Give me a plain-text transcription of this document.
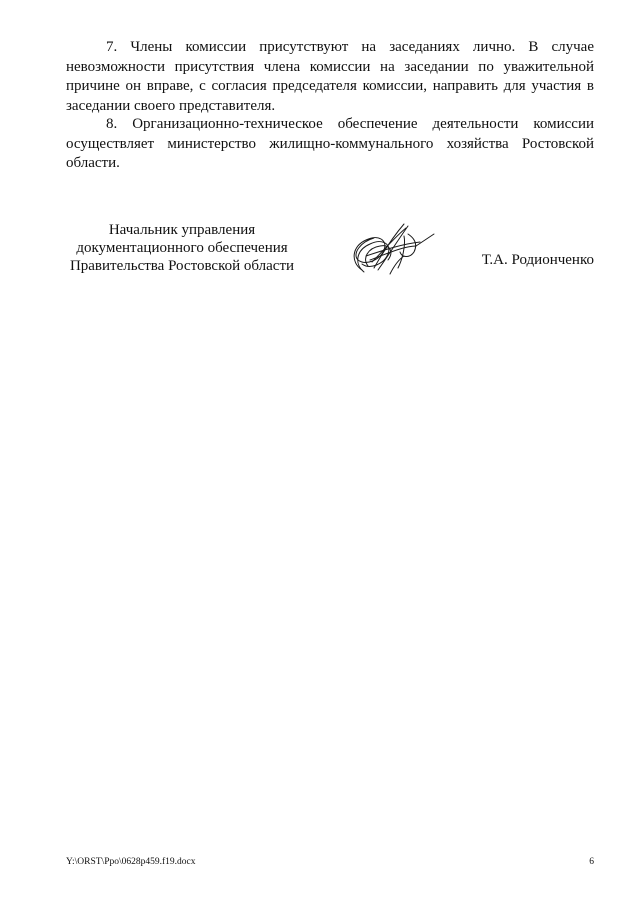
7. Члены комиссии присутствуют на заседаниях лично. В случае невозможности присутствия члена комиссии на заседании по уважительной причине он вправе, с согласия председателя комиссии, направить для участия в заседании своего представителя.

8. Организационно-техническое обеспечение деятельности комиссии осуществляет министерство жилищно-коммунального хозяйства Ростовской области.

Начальник управления
документационного обеспечения
Правительства Ростовской области	Т.А. Родионченко
Y:\ORST\Ppo\0628p459.f19.docx	6
